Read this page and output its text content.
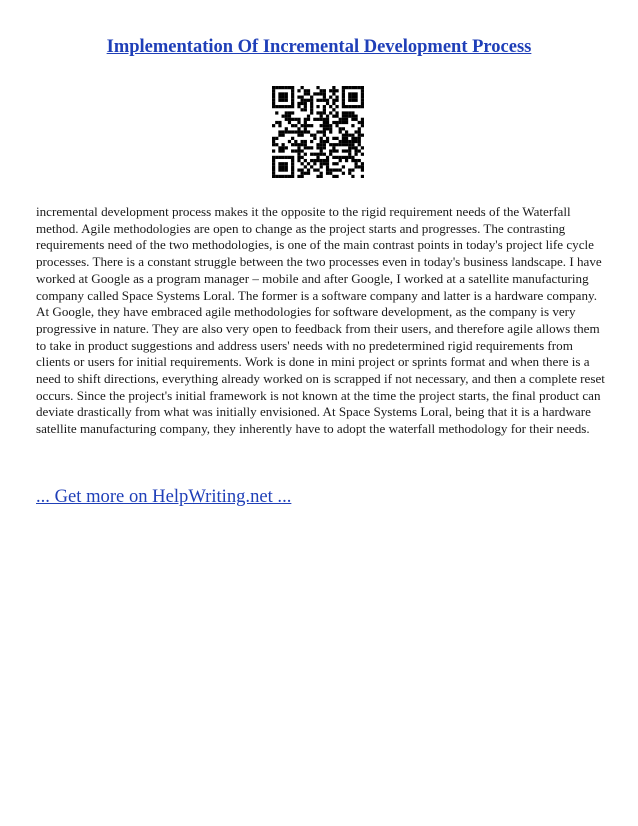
Implementation Of Incremental Development Process

incremental development process makes it the opposite to the rigid requirement needs of the Waterfall method. Agile methodologies are open to change as the project starts and progresses. The contrasting requirements need of the two methodologies, is one of the main contrast points in today's project life cycle processes. There is a constant struggle between the two processes even in today's business landscape. I have worked at Google as a program manager – mobile and after Google, I worked at a satellite manufacturing company called Space Systems Loral. The former is a software company and latter is a hardware company. At Google, they have embraced agile methodologies for software development, as the company is very progressive in nature. They are also very open to feedback from their users, and therefore agile allows them to take in product suggestions and address users' needs with no predetermined rigid requirements from clients or users for initial requirements. Work is done in mini project or sprints format and when there is a need to shift directions, everything already worked on is scrapped if not necessary, and then a complete reset occurs. Since the project's initial framework is not known at the time the project starts, the final product can deviate drastically from what was initially envisioned. At Space Systems Loral, being that it is a hardware satellite manufacturing company, they inherently have to adopt the waterfall methodology for their needs.

... Get more on HelpWriting.net ...
